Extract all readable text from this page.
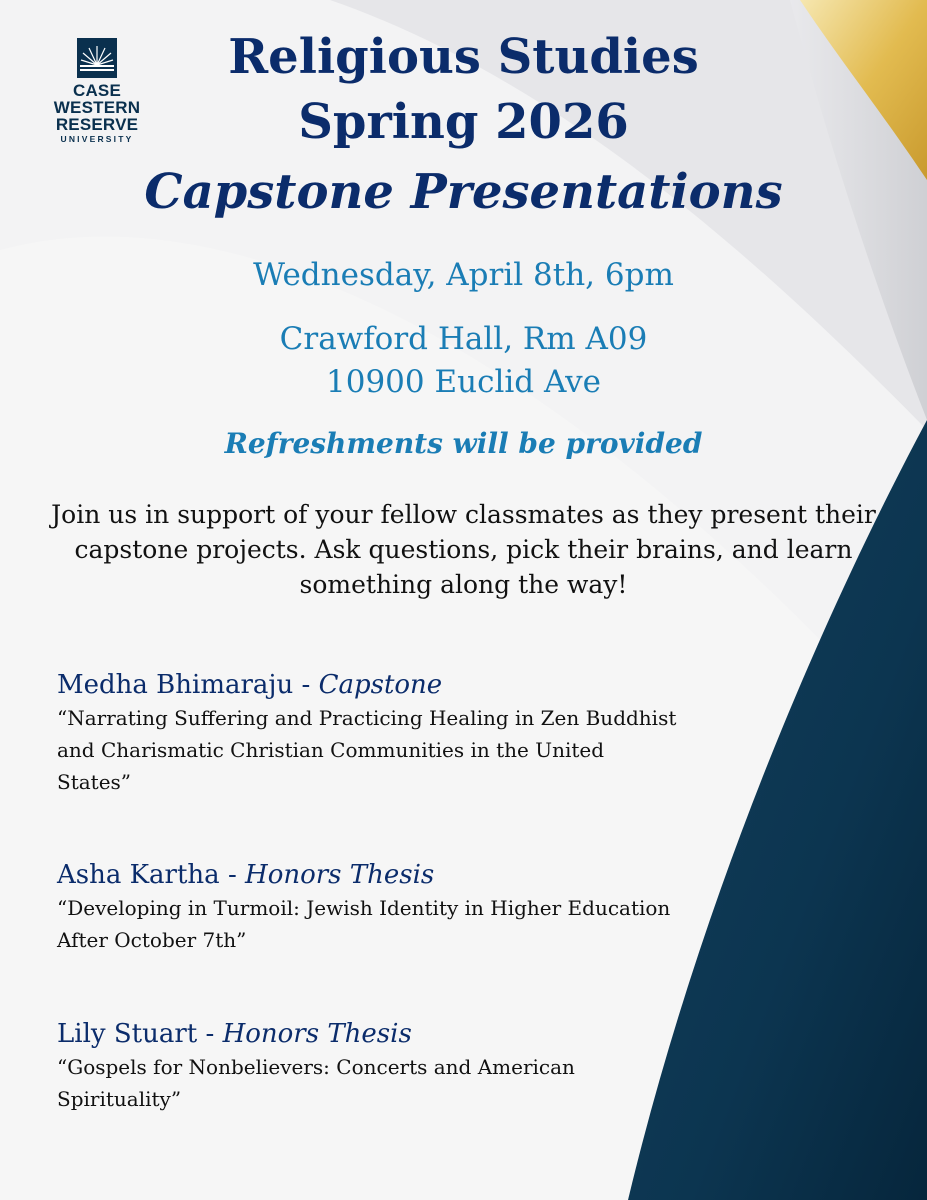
CASE
WESTERN
RESERVE
UNIVERSITY
Religious Studies
Spring 2026
Capstone Presentations

Wednesday, April 8th, 6pm

Crawford Hall, Rm A09

10900 Euclid Ave

Refreshments will be provided

Join us in support of your fellow classmates as they present their capstone projects. Ask questions, pick their brains, and learn something along the way!

Medha Bhimaraju - Capstone

“Narrating Suffering and Practicing Healing in Zen Buddhist and Charismatic Christian Communities in the United States”

Asha Kartha - Honors Thesis

“Developing in Turmoil: Jewish Identity in Higher Education After October 7th”

Lily Stuart - Honors Thesis

“Gospels for Nonbelievers: Concerts and American Spirituality”
